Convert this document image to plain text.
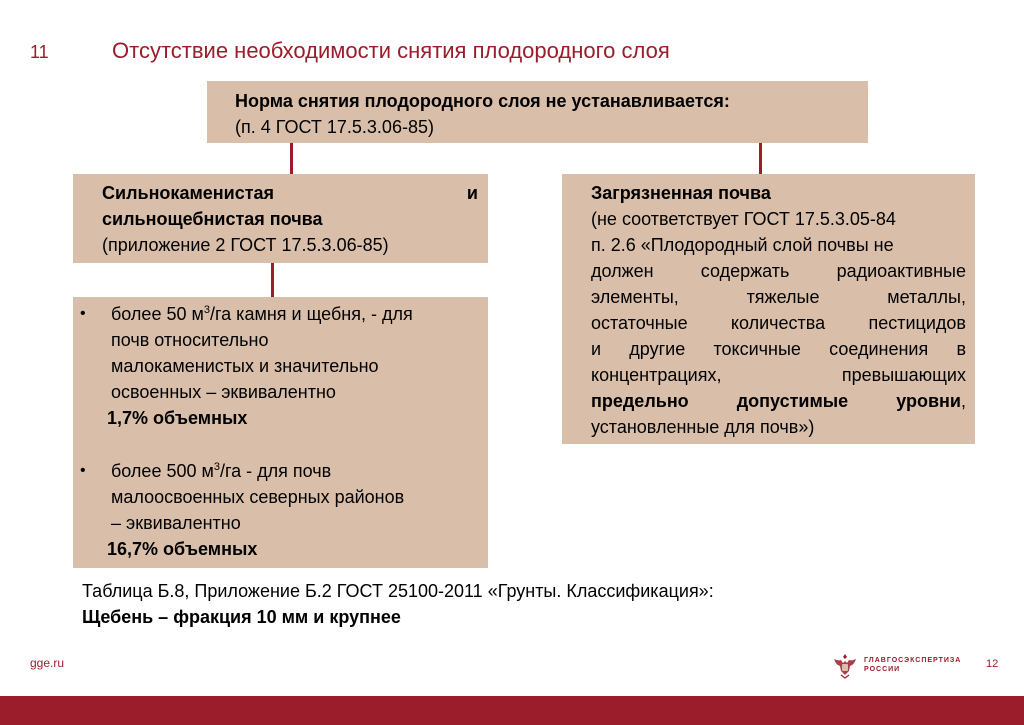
11	Отсутствие необходимости снятия плодородного слоя
Норма снятия плодородного слоя не устанавливается:
(п. 4 ГОСТ 17.5.3.06-85)
Сильнокаменистая	и
сильнощебнистая почва
(приложение 2 ГОСТ 17.5.3.06-85)
Загрязненная почва
(не соответствует ГОСТ 17.5.3.05-84
п. 2.6 «Плодородный слой почвы не
должен содержать радиоактивные
элементы, тяжелые металлы,
остаточные количества пестицидов
и другие токсичные соединения в
концентрациях, превышающих
предельно допустимые уровни,
установленные для почв»)
•	более 50 $м^3/га$ камня и щебня, - для
почв относительно
малокаменистых и значительно
освоенных – эквивалентно
1,7% объемных
•	более 500 $м^3/га$ - для почв
малоосвоенных северных районов
– эквивалентно
16,7% объемных
Таблица Б.8, Приложение Б.2 ГОСТ 25100-2011 «Грунты. Классификация»:
Щебень – фракция 10 мм и крупнее
gge.ru	ГЛАВГОСЭКСПЕРТИЗА
РОССИИ	12
